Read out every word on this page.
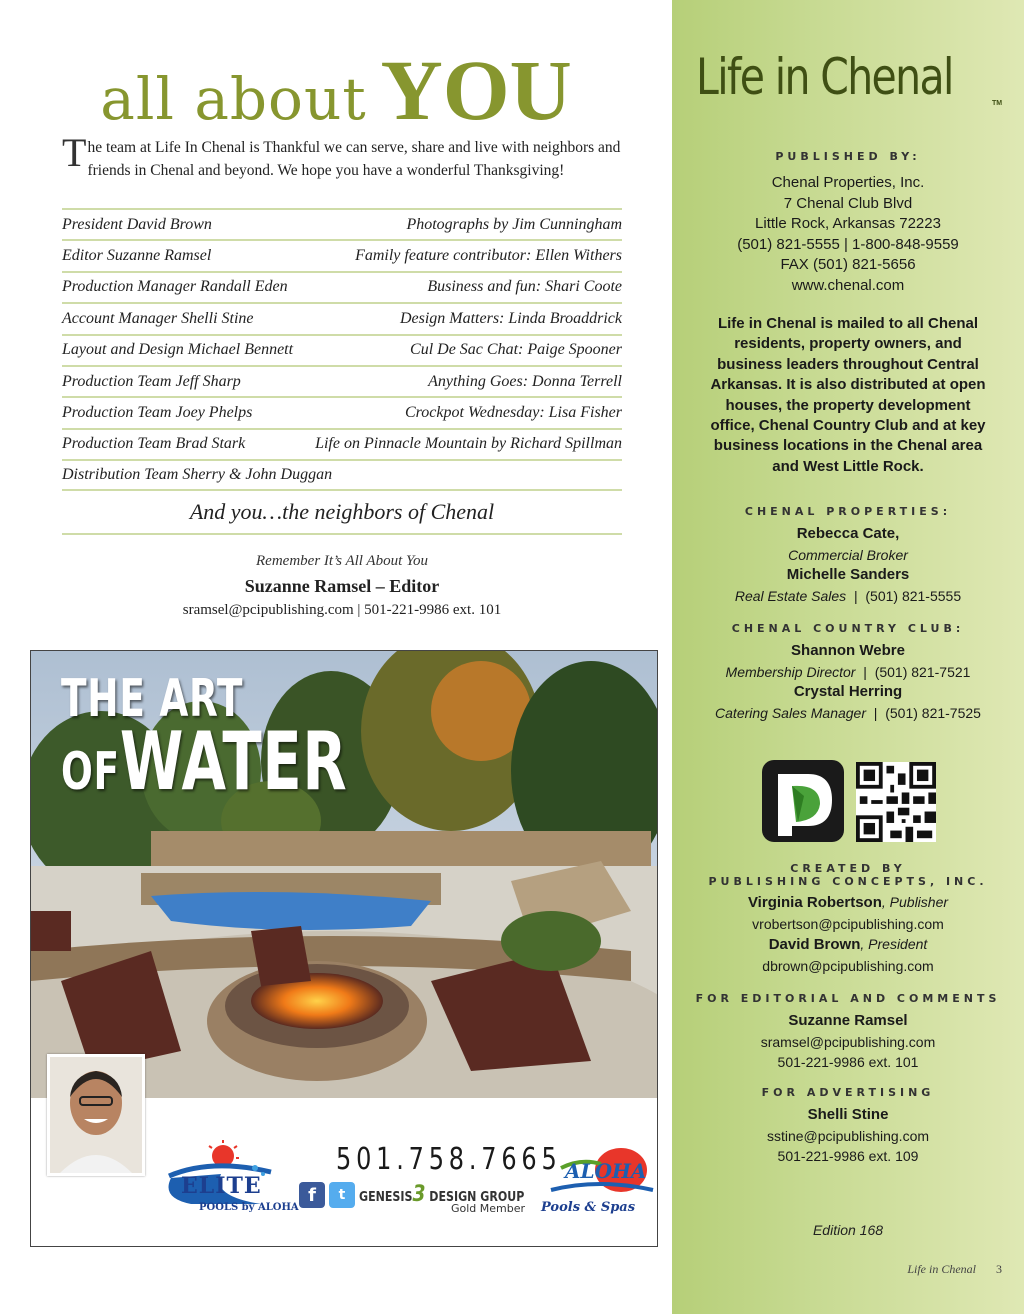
all about YOU
The team at Life In Chenal is Thankful we can serve, share and live with neighbors and friends in Chenal and beyond. We hope you have a wonderful Thanksgiving!
President David Brown	Photographs by Jim Cunningham
Editor Suzanne Ramsel	Family feature contributor: Ellen Withers
Production Manager Randall Eden	Business and fun: Shari Coote
Account Manager Shelli Stine	Design Matters: Linda Broaddrick
Layout and Design Michael Bennett	Cul De Sac Chat: Paige Spooner
Production Team Jeff Sharp	Anything Goes: Donna Terrell
Production Team Joey Phelps	Crockpot Wednesday: Lisa Fisher
Production Team Brad Stark	Life on Pinnacle Mountain by Richard Spillman
Distribution Team Sherry & John Duggan
And you…the neighbors of Chenal
Remember It’s All About You
Suzanne Ramsel – Editor
sramsel@pcipublishing.com | 501-221-9986 ext. 101
THE ART
OFWATER
ELITE
POOLS by ALOHA
501.758.7665
f	t	GENESIS3 DESIGN GROUP
Gold Member
ALOHA
Pools & Spas
Life in Chenal	TM
PUBLISHED BY:
Chenal Properties, Inc.
7 Chenal Club Blvd
Little Rock, Arkansas 72223
(501) 821-5555 | 1-800-848-9559
FAX (501) 821-5656
www.chenal.com
Life in Chenal is mailed to all Chenal residents, property owners, and business leaders throughout Central Arkansas. It is also distributed at open houses, the property development office, Chenal Country Club and at key business locations in the Chenal area and West Little Rock.
CHENAL PROPERTIES:
Rebecca Cate,
Commercial Broker
Michelle Sanders
Real Estate Sales  |  (501) 821-5555
CHENAL COUNTRY CLUB:
Shannon Webre
Membership Director  |  (501) 821-7521
Crystal Herring
Catering Sales Manager  |  (501) 821-7525
CREATED BY
PUBLISHING CONCEPTS, INC.
Virginia Robertson, Publisher
vrobertson@pcipublishing.com
David Brown, President
dbrown@pcipublishing.com
FOR EDITORIAL AND COMMENTS
Suzanne Ramsel
sramsel@pcipublishing.com
501-221-9986 ext. 101
FOR ADVERTISING
Shelli Stine
sstine@pcipublishing.com
501-221-9986 ext. 109
Edition 168
Life in Chenal 3
